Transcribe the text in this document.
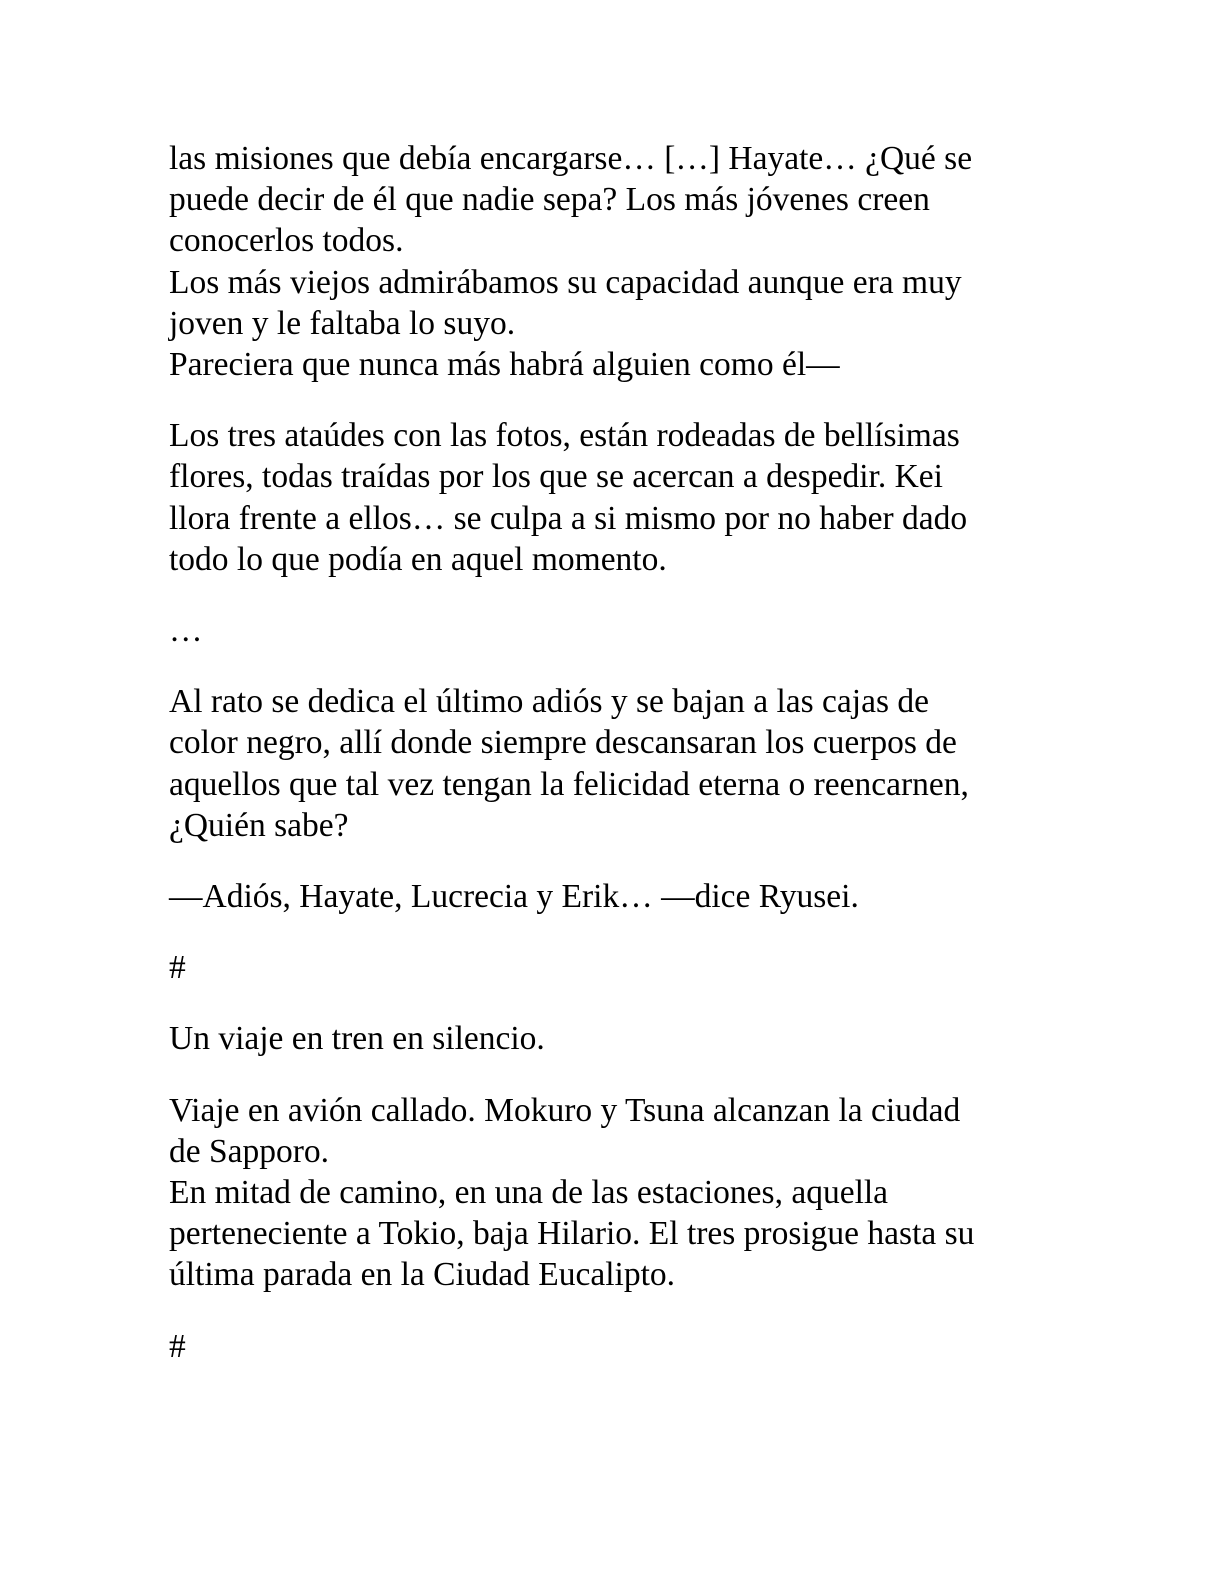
las misiones que debía encargarse… […] Hayate… ¿Qué se
puede decir de él que nadie sepa? Los más jóvenes creen
conocerlos todos.
Los más viejos admirábamos su capacidad aunque era muy
joven y le faltaba lo suyo.
Pareciera que nunca más habrá alguien como él—

Los tres ataúdes con las fotos, están rodeadas de bellísimas
flores, todas traídas por los que se acercan a despedir. Kei
llora frente a ellos… se culpa a si mismo por no haber dado
todo lo que podía en aquel momento.

…

Al rato se dedica el último adiós y se bajan a las cajas de
color negro, allí donde siempre descansaran los cuerpos de
aquellos que tal vez tengan la felicidad eterna o reencarnen,
¿Quién sabe?

—Adiós, Hayate, Lucrecia y Erik… —dice Ryusei.

#

Un viaje en tren en silencio.

Viaje en avión callado. Mokuro y Tsuna alcanzan la ciudad
de Sapporo.
En mitad de camino, en una de las estaciones, aquella
perteneciente a Tokio, baja Hilario. El tres prosigue hasta su
última parada en la Ciudad Eucalipto.

#
